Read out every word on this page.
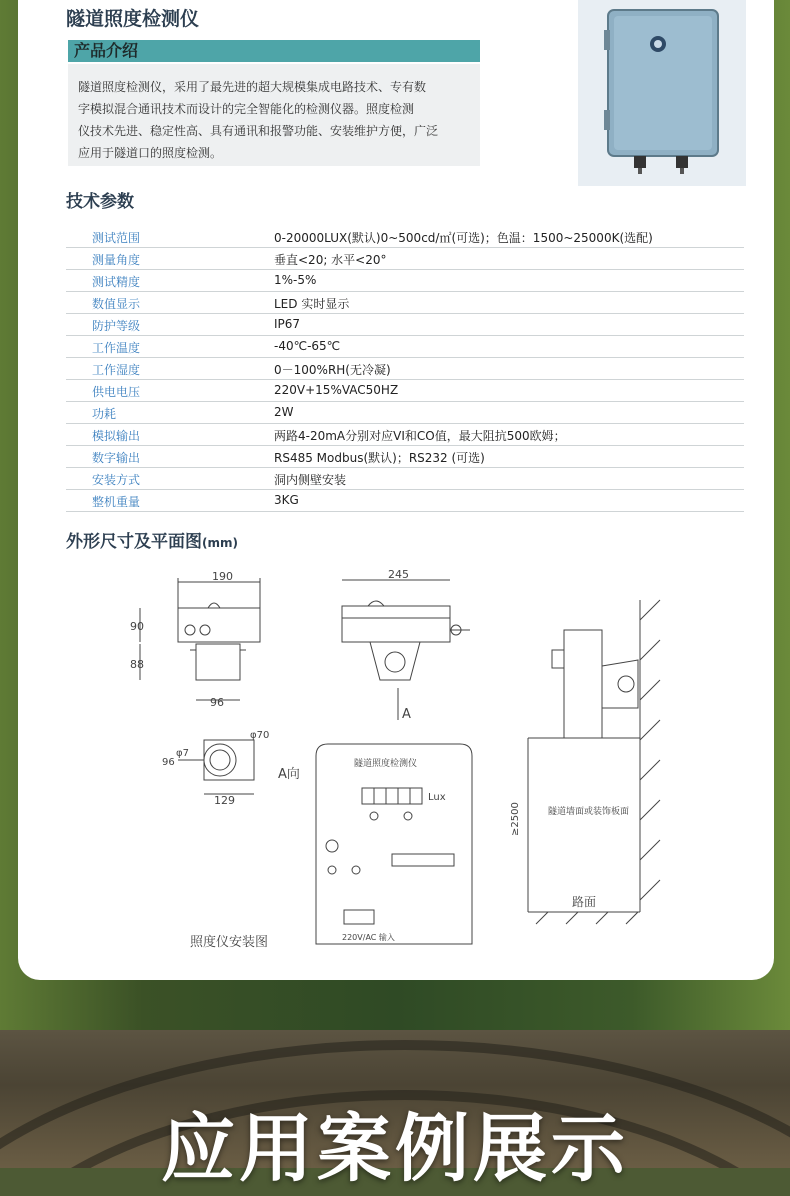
隧道照度检测仪
产品介绍
隧道照度检测仪，采用了最先进的超大规模集成电路技术、专有数
字模拟混合通讯技术而设计的完全智能化的检测仪器。照度检测
仪技术先进、稳定性高、具有通讯和报警功能、安装维护方便，广泛
应用于隧道口的照度检测。
技术参数
测试范围	0-20000LUX(默认)0~500cd/㎡(可选)；色温：1500~25000K(选配)
测量角度	垂直<20; 水平<20°
测试精度	1%-5%
数值显示	LED 实时显示
防护等级	IP67
工作温度	-40℃-65℃
工作湿度	0－100%RH(无冷凝)
供电电压	220V+15%VAC50HZ
功耗	2W
模拟输出	两路4-20mA分别对应VI和CO值，最大阻抗500欧姆；
数字输出	RS485 Modbus(默认)；RS232 (可选)
安装方式	洞内侧壁安装
整机重量	3KG
外形尺寸及平面图(mm)
190
90
88
96
245
A
96
φ7
φ70
129
A向
隧道照度检测仪
Lux
220V/AC 输入
照度仪安装图
≥2500	隧道墙面或装饰板面
路面
应用案例展示
